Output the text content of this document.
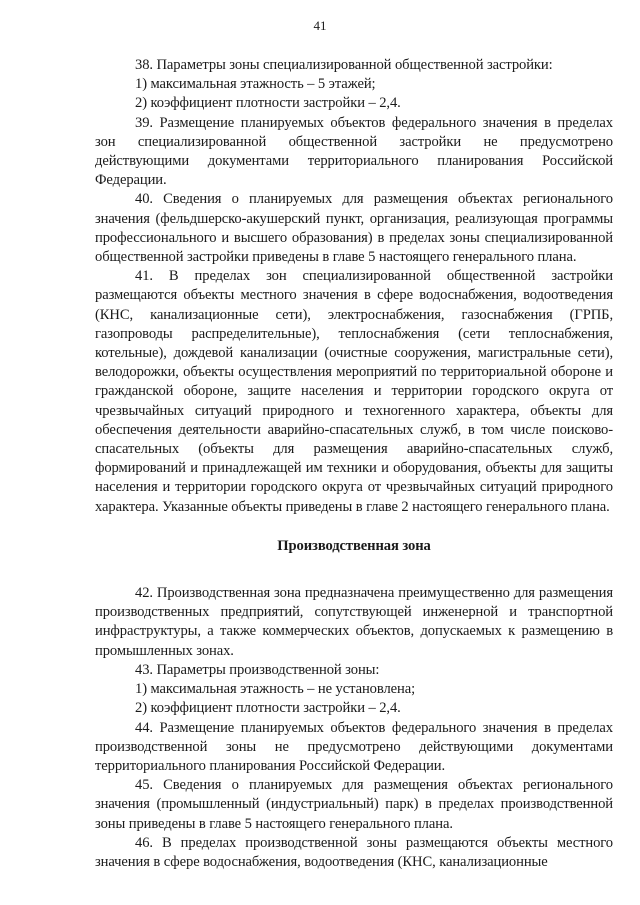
41

38. Параметры зоны специализированной общественной застройки:

1) максимальная этажность – 5 этажей;

2) коэффициент плотности застройки – 2,4.

39. Размещение планируемых объектов федерального значения в пределах зон специализированной общественной застройки не предусмотрено действующими документами территориального планирования Российской Федерации.

40. Сведения о планируемых для размещения объектах регионального значения (фельдшерско-акушерский пункт, организация, реализующая программы профессионального и высшего образования) в пределах зоны специализированной общественной застройки приведены в главе 5 настоящего генерального плана.

41. В пределах зон специализированной общественной застройки размещаются объекты местного значения в сфере водоснабжения, водоотведения (КНС, канализационные сети), электроснабжения, газоснабжения (ГРПБ, газопроводы распределительные), теплоснабжения (сети теплоснабжения, котельные), дождевой канализации (очистные сооружения, магистральные сети), велодорожки, объекты осуществления мероприятий по территориальной обороне и гражданской обороне, защите населения и территории городского округа от чрезвычайных ситуаций природного и техногенного характера, объекты для обеспечения деятельности аварийно-спасательных служб, в том числе поисково-спасательных (объекты для размещения аварийно-спасательных служб, формирований и принадлежащей им техники и оборудования, объекты для защиты населения и территории городского округа от чрезвычайных ситуаций природного характера. Указанные объекты приведены в главе 2 настоящего генерального плана.

Производственная зона

42. Производственная зона предназначена преимущественно для размещения производственных предприятий, сопутствующей инженерной и транспортной инфраструктуры, а также коммерческих объектов, допускаемых к размещению в промышленных зонах.

43. Параметры производственной зоны:

1) максимальная этажность – не установлена;

2) коэффициент плотности застройки – 2,4.

44. Размещение планируемых объектов федерального значения в пределах производственной зоны не предусмотрено действующими документами территориального планирования Российской Федерации.

45. Сведения о планируемых для размещения объектах регионального значения (промышленный (индустриальный) парк) в пределах производственной зоны приведены в главе 5 настоящего генерального плана.

46. В пределах производственной зоны размещаются объекты местного значения в сфере водоснабжения, водоотведения (КНС, канализационные
